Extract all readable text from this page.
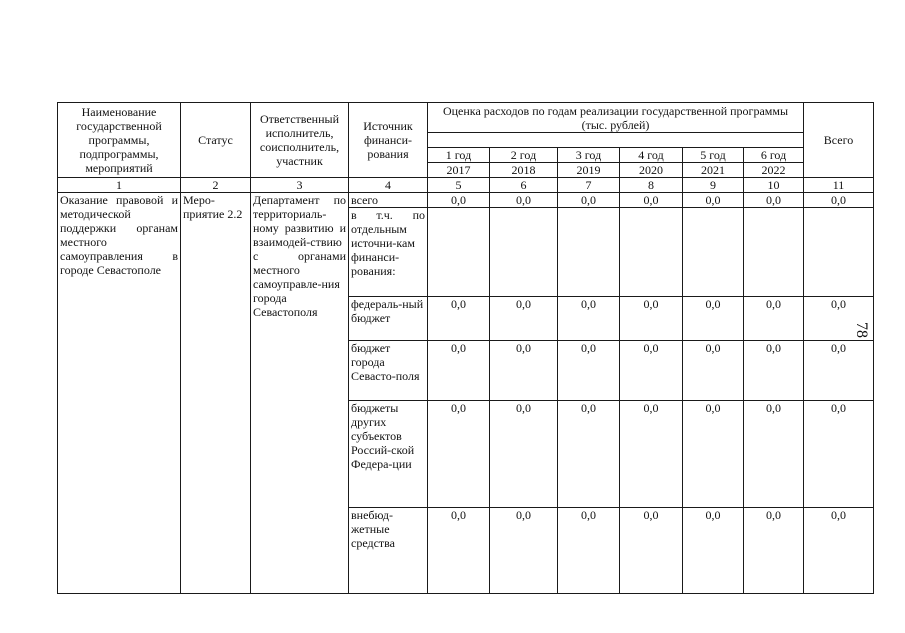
Наименование государственной программы, подпрограммы, мероприятий	Статус	Ответственный исполнитель, соисполнитель, участник	Источник финанси-рования	Оценка расходов по годам реализации государственной программы (тыс. рублей)						Всего

				1 год	2 год	3 год	4 год	5 год	6 год	
				2017	2018	2019	2020	2021	2022	
1	2	3	4	5	6	7	8	9	10	11
Оказание правовой и методической поддержки органам местного самоуправления в городе Севастополе	Меро-приятие 2.2	Департамент по территориаль-ному развитию и взаимодей-ствию с органами местного самоуправле-ния города Севастополя	всего	0,0	0,0	0,0	0,0	0,0	0,0	0,0
			в т.ч. по отдельным источни-кам финанси-рования:							
			федераль-ный бюджет	0,0	0,0	0,0	0,0	0,0	0,0	0,0
			бюджет города Севасто-поля	0,0	0,0	0,0	0,0	0,0	0,0	0,0
			бюджеты других субъектов Россий-ской Федера-ции	0,0	0,0	0,0	0,0	0,0	0,0	0,0
			внебюд-жетные средства	0,0	0,0	0,0	0,0	0,0	0,0	0,0
78
